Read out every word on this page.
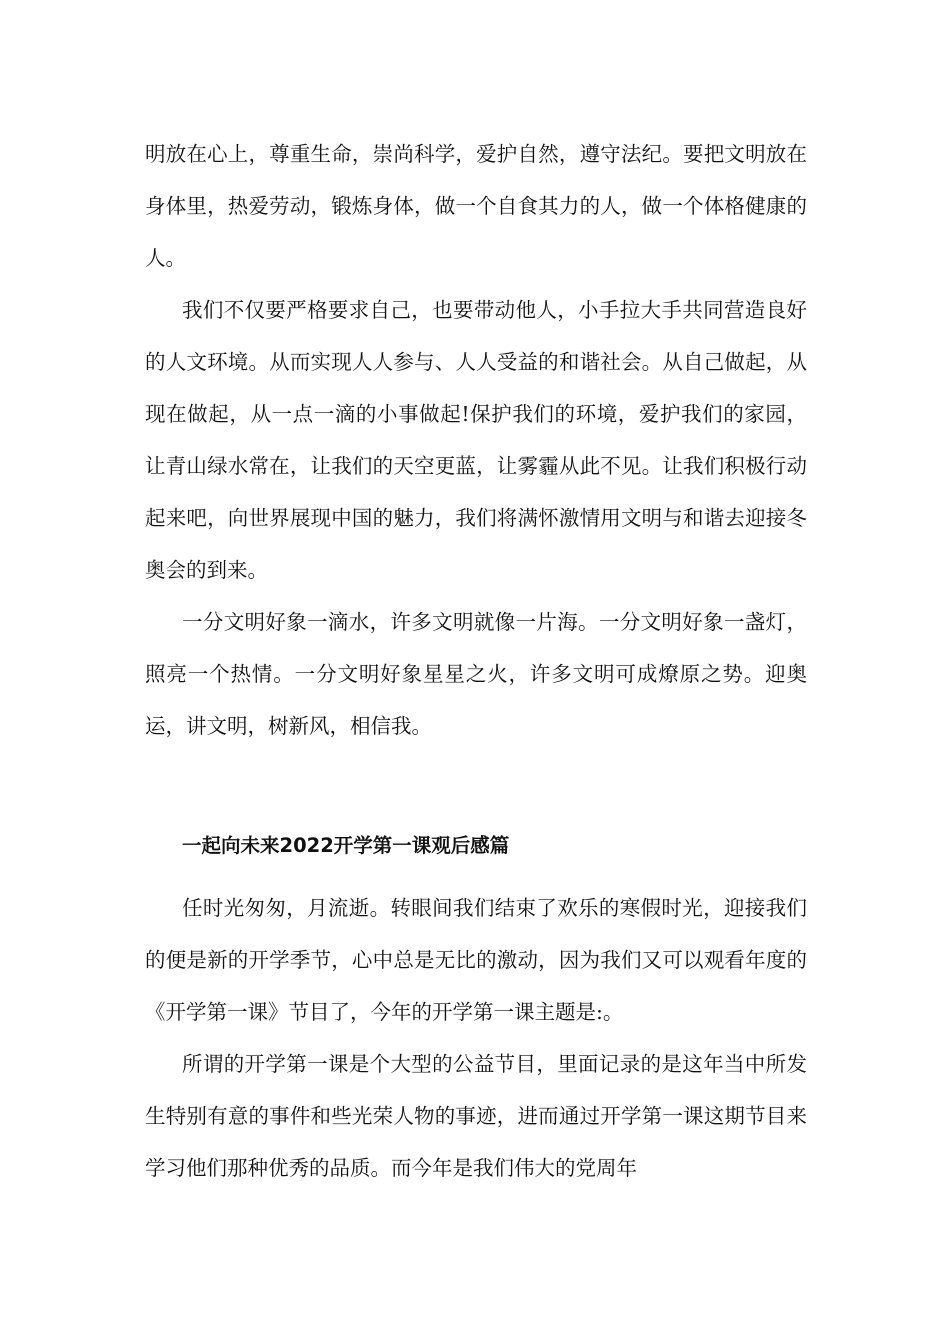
明放在心上，尊重生命，崇尚科学，爱护自然，遵守法纪。要把文明放在身体里，热爱劳动，锻炼身体，做一个自食其力的人，做一个体格健康的人。

我们不仅要严格要求自己，也要带动他人，小手拉大手共同营造良好的人文环境。从而实现人人参与、人人受益的和谐社会。从自己做起，从现在做起，从一点一滴的小事做起!保护我们的环境，爱护我们的家园，让青山绿水常在，让我们的天空更蓝，让雾霾从此不见。让我们积极行动起来吧，向世界展现中国的魅力，我们将满怀激情用文明与和谐去迎接冬奥会的到来。

一分文明好象一滴水，许多文明就像一片海。一分文明好象一盏灯，照亮一个热情。一分文明好象星星之火，许多文明可成燎原之势。迎奥运，讲文明，树新风，相信我。

一起向未来2022开学第一课观后感篇

任时光匆匆，月流逝。转眼间我们结束了欢乐的寒假时光，迎接我们的便是新的开学季节，心中总是无比的激动，因为我们又可以观看年度的《开学第一课》节目了，今年的开学第一课主题是:。

所谓的开学第一课是个大型的公益节目，里面记录的是这年当中所发生特别有意的事件和些光荣人物的事迹，进而通过开学第一课这期节目来学习他们那种优秀的品质。而今年是我们伟大的党周年
